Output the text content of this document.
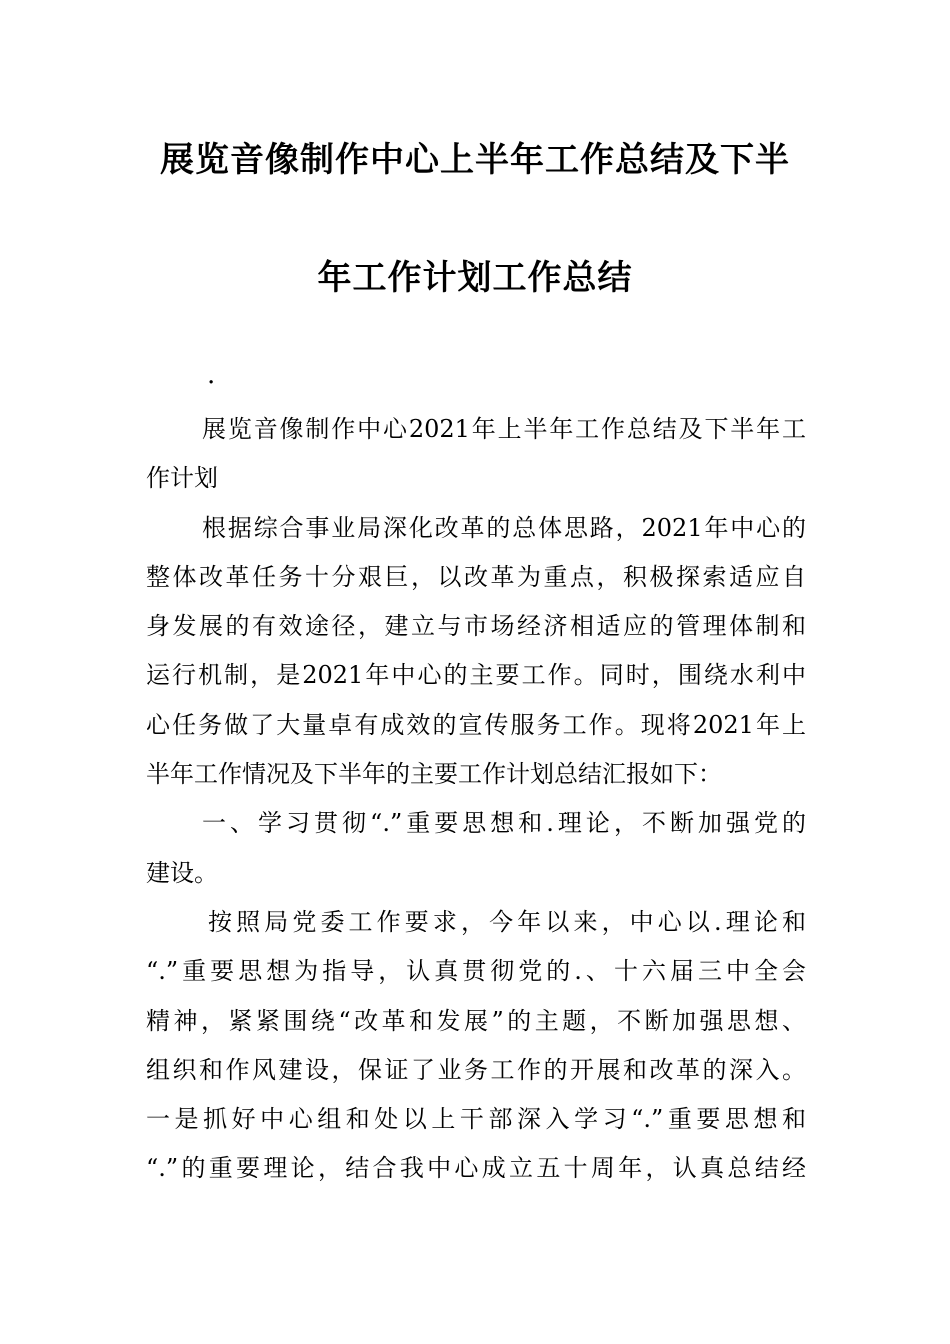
展览音像制作中心上半年工作总结及下半
年工作计划工作总结
.
展览音像制作中心2021年上半年工作总结及下半年工
作计划
根据综合事业局深化改革的总体思路，2021年中心的
整体改革任务十分艰巨，以改革为重点，积极探索适应自
身发展的有效途径，建立与市场经济相适应的管理体制和
运行机制，是2021年中心的主要工作。同时，围绕水利中
心任务做了大量卓有成效的宣传服务工作。现将2021年上
半年工作情况及下半年的主要工作计划总结汇报如下：
一、学习贯彻“.”重要思想和.理论，不断加强党的
建设。
按照局党委工作要求，今年以来，中心以.理论和
“.”重要思想为指导，认真贯彻党的.、十六届三中全会
精神，紧紧围绕“改革和发展”的主题，不断加强思想、
组织和作风建设，保证了业务工作的开展和改革的深入。
一是抓好中心组和处以上干部深入学习“.”重要思想和
“.”的重要理论，结合我中心成立五十周年，认真总结经
